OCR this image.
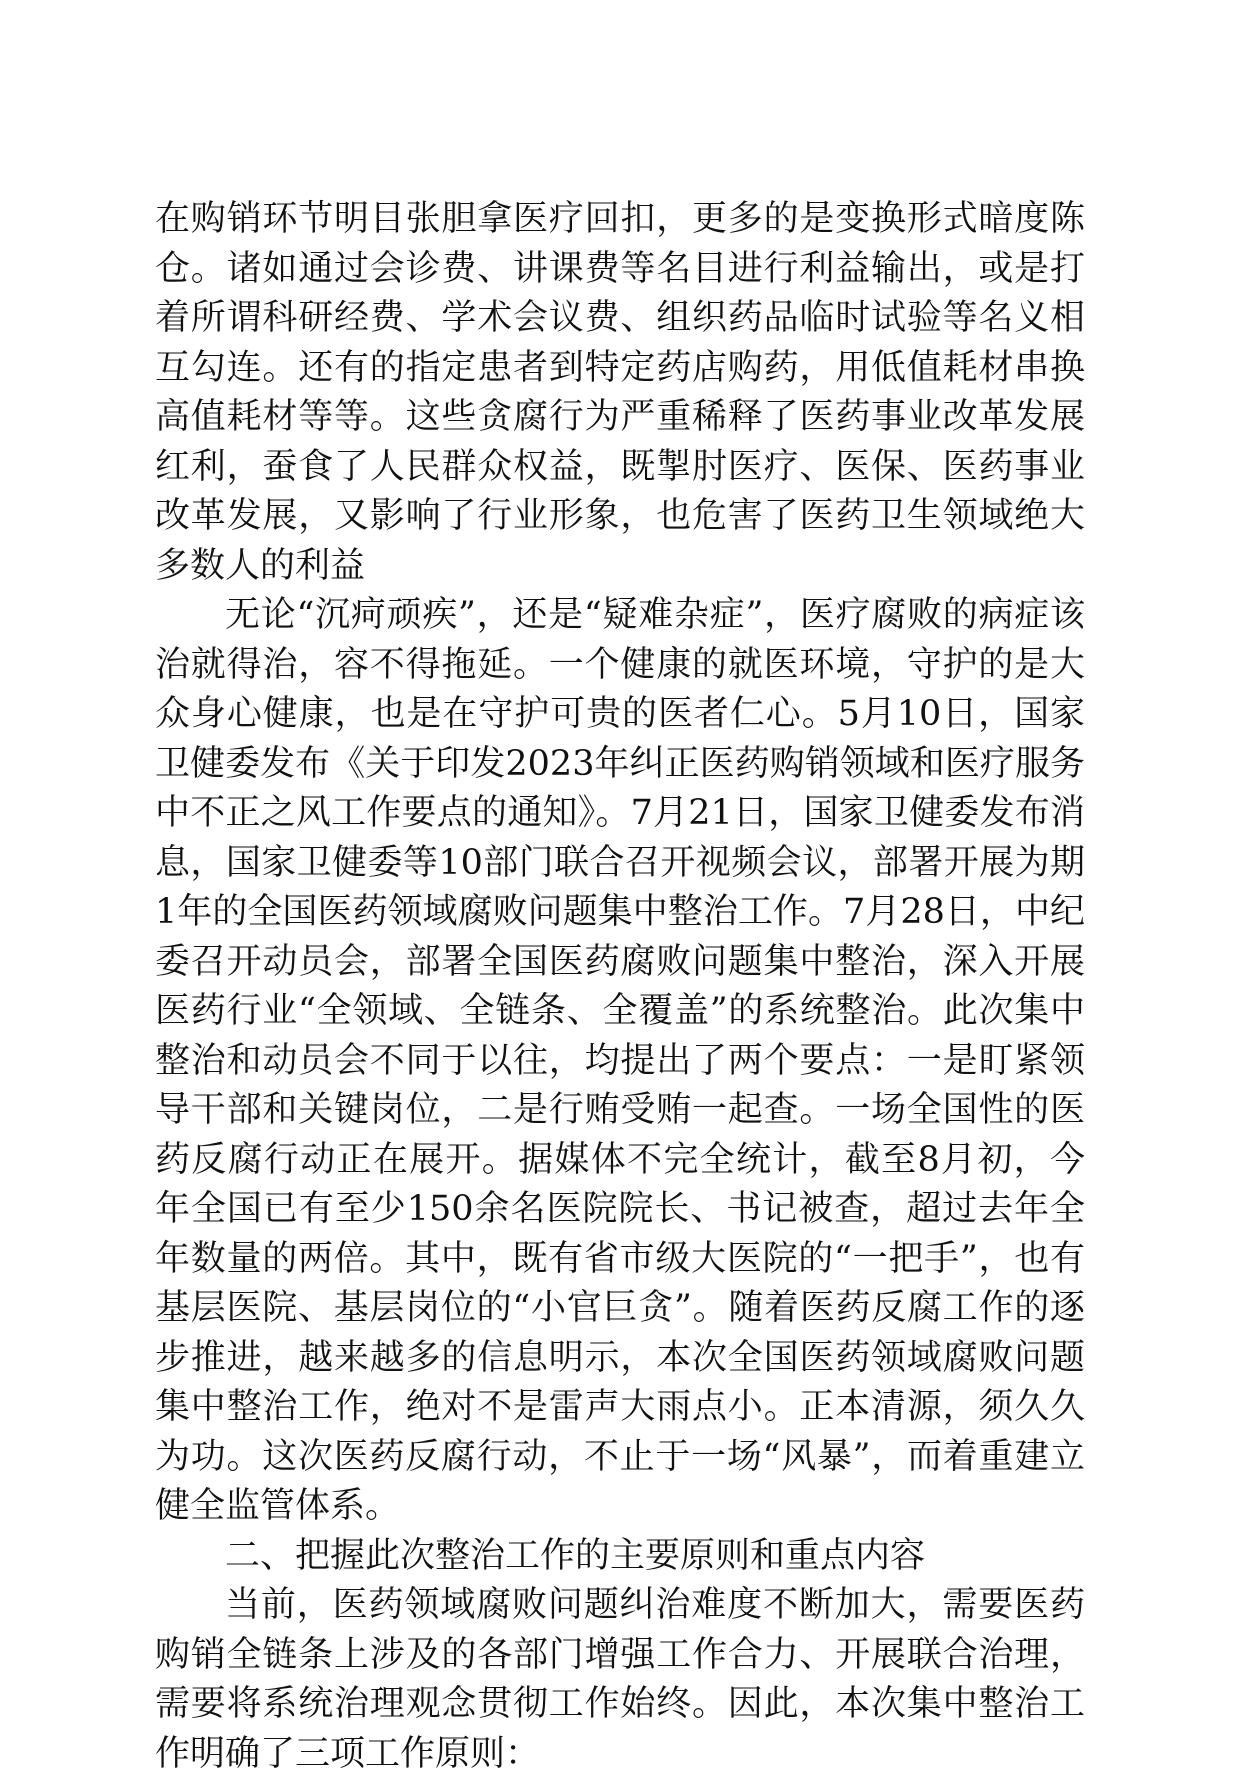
在购销环节明目张胆拿医疗回扣，更多的是变换形式暗度陈仓。诸如通过会诊费、讲课费等名目进行利益输出，或是打着所谓科研经费、学术会议费、组织药品临时试验等名义相互勾连。还有的指定患者到特定药店购药，用低值耗材串换高值耗材等等。这些贪腐行为严重稀释了医药事业改革发展红利，蚕食了人民群众权益，既掣肘医疗、医保、医药事业改革发展，又影响了行业形象，也危害了医药卫生领域绝大多数人的利益

无论“沉疴顽疾”，还是“疑难杂症”，医疗腐败的病症该治就得治，容不得拖延。一个健康的就医环境，守护的是大众身心健康，也是在守护可贵的医者仁心。5月10日，国家卫健委发布《关于印发2023年纠正医药购销领域和医疗服务中不正之风工作要点的通知》。7月21日，国家卫健委发布消息，国家卫健委等10部门联合召开视频会议，部署开展为期1年的全国医药领域腐败问题集中整治工作。7月28日，中纪委召开动员会，部署全国医药腐败问题集中整治，深入开展医药行业“全领域、全链条、全覆盖”的系统整治。此次集中整治和动员会不同于以往，均提出了两个要点：一是盯紧领导干部和关键岗位，二是行贿受贿一起查。一场全国性的医药反腐行动正在展开。据媒体不完全统计，截至8月初，今年全国已有至少150余名医院院长、书记被查，超过去年全年数量的两倍。其中，既有省市级大医院的“一把手”，也有基层医院、基层岗位的“小官巨贪”。随着医药反腐工作的逐步推进，越来越多的信息明示，本次全国医药领域腐败问题集中整治工作，绝对不是雷声大雨点小。正本清源，须久久为功。这次医药反腐行动，不止于一场“风暴”，而着重建立健全监管体系。

二、把握此次整治工作的主要原则和重点内容

当前，医药领域腐败问题纠治难度不断加大，需要医药购销全链条上涉及的各部门增强工作合力、开展联合治理，需要将系统治理观念贯彻工作始终。因此，本次集中整治工作明确了三项工作原则：
